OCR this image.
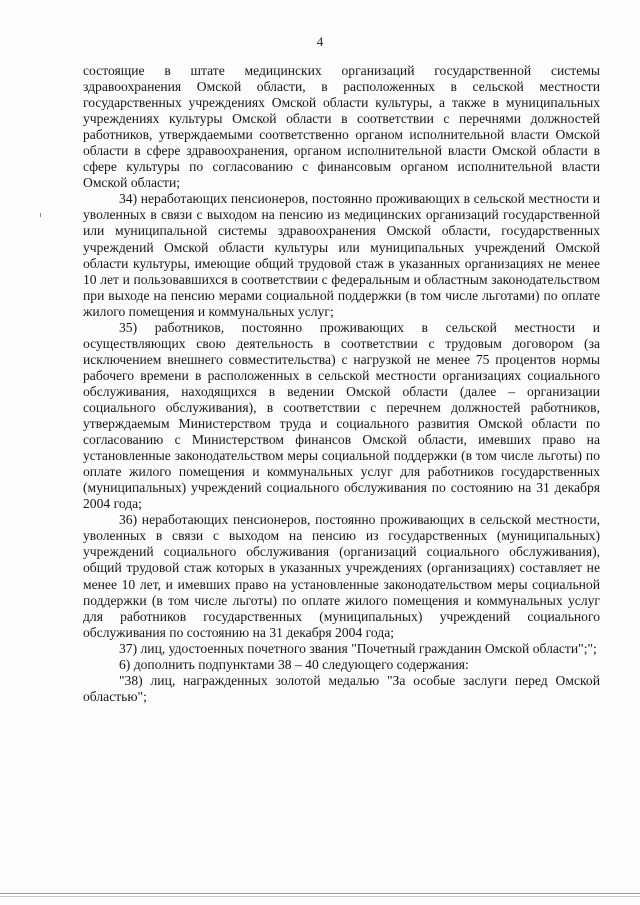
4

состоящие в штате медицинских организаций государственной системы здравоохранения Омской области, в расположенных в сельской местности государственных учреждениях Омской области культуры, а также в муниципальных учреждениях культуры Омской области в соответствии с перечнями должностей работников, утверждаемыми соответственно органом исполнительной власти Омской области в сфере здравоохранения, органом исполнительной власти Омской области в сфере культуры по согласованию с финансовым органом исполнительной власти Омской области;

34) неработающих пенсионеров, постоянно проживающих в сельской местности и уволенных в связи с выходом на пенсию из медицинских организаций государственной или муниципальной системы здравоохранения Омской области, государственных учреждений Омской области культуры или муниципальных учреждений Омской области культуры, имеющие общий трудовой стаж в указанных организациях не менее 10 лет и пользовавшихся в соответствии с федеральным и областным законодательством при выходе на пенсию мерами социальной поддержки (в том числе льготами) по оплате жилого помещения и коммунальных услуг;

35) работников, постоянно проживающих в сельской местности и осуществляющих свою деятельность в соответствии с трудовым договором (за исключением внешнего совместительства) с нагрузкой не менее 75 процентов нормы рабочего времени в расположенных в сельской местности организациях социального обслуживания, находящихся в ведении Омской области (далее – организации социального обслуживания), в соответствии с перечнем должностей работников, утверждаемым Министерством труда и социального развития Омской области по согласованию с Министерством финансов Омской области, имевших право на установленные законодательством меры социальной поддержки (в том числе льготы) по оплате жилого помещения и коммунальных услуг для работников государственных (муниципальных) учреждений социального обслуживания по состоянию на 31 декабря 2004 года;

36) неработающих пенсионеров, постоянно проживающих в сельской местности, уволенных в связи с выходом на пенсию из государственных (муниципальных) учреждений социального обслуживания (организаций социального обслуживания), общий трудовой стаж которых в указанных учреждениях (организациях) составляет не менее 10 лет, и имевших право на установленные законодательством меры социальной поддержки (в том числе льготы) по оплате жилого помещения и коммунальных услуг для работников государственных (муниципальных) учреждений социального обслуживания по состоянию на 31 декабря 2004 года;

37) лиц, удостоенных почетного звания "Почетный гражданин Омской области";";

6) дополнить подпунктами 38 – 40 следующего содержания:

"38) лиц, награжденных золотой медалью "За особые заслуги перед Омской областью";
